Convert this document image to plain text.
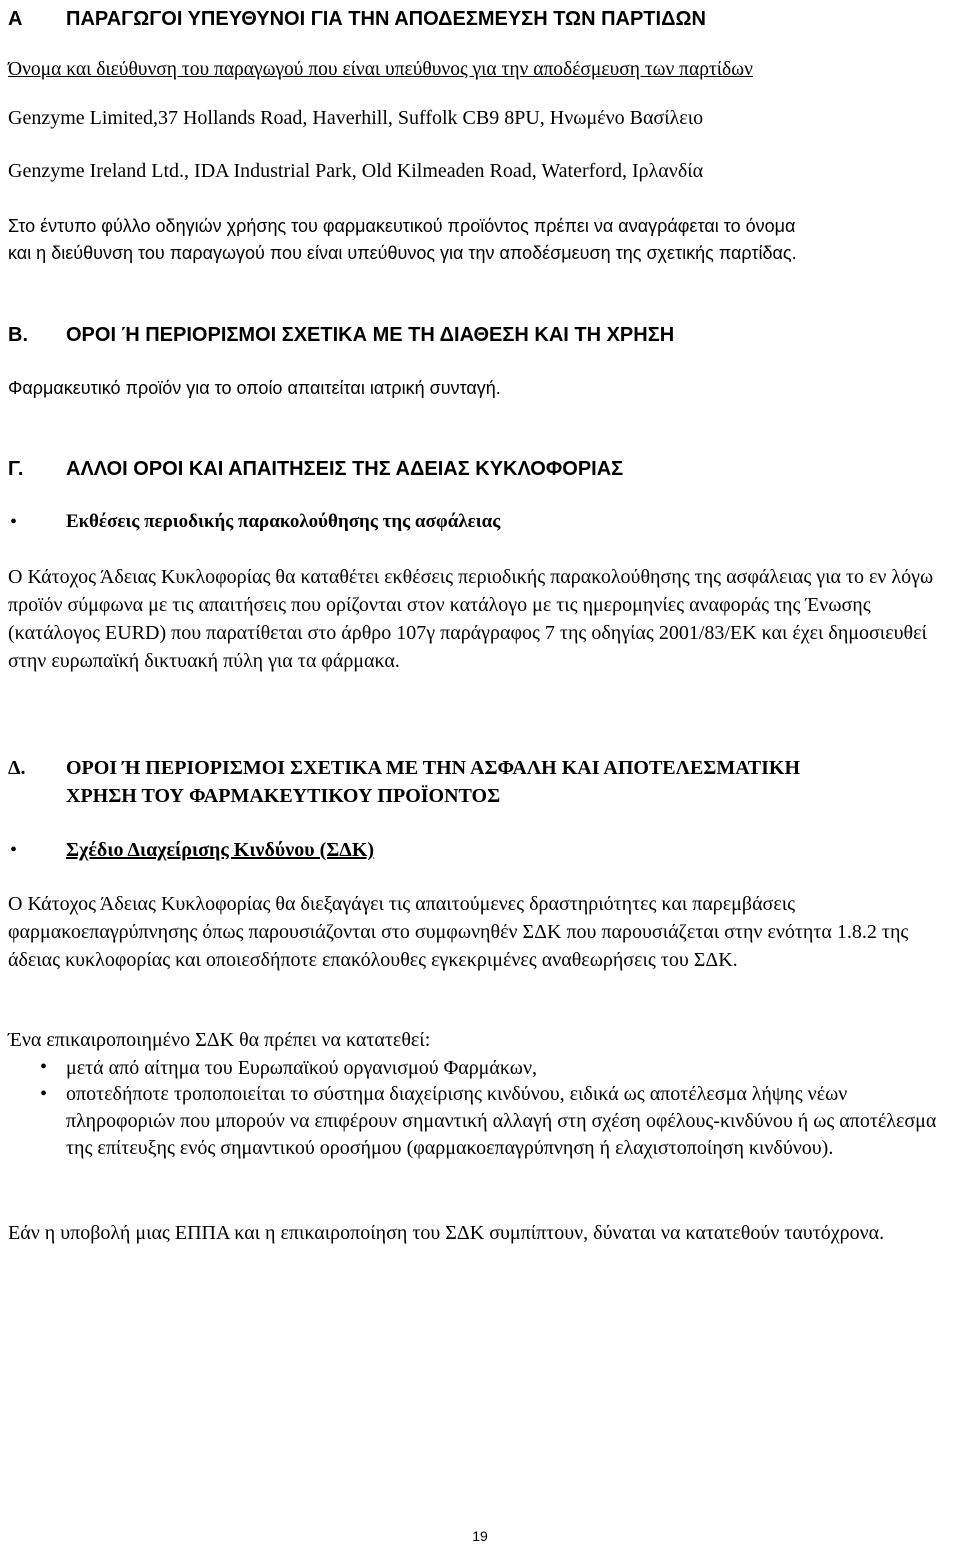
A ΠΑΡΑΓΩΓΟΙ ΥΠΕΥΘΥΝΟΙ ΓΙΑ ΤΗΝ ΑΠΟΔΕΣΜΕΥΣΗ ΤΩΝ ΠΑΡΤΙΔΩΝ
Όνομα και διεύθυνση του παραγωγού που είναι υπεύθυνος για την αποδέσμευση των παρτίδων
Genzyme Limited,37 Hollands Road, Haverhill, Suffolk CB9 8PU, Ηνωμένο Βασίλειο
Genzyme Ireland Ltd., IDA Industrial Park, Old Kilmeaden Road, Waterford, Ιρλανδία
Στο έντυπο φύλλο οδηγιών χρήσης του φαρμακευτικού προϊόντος πρέπει να αναγράφεται το όνομα
και η διεύθυνση του παραγωγού που είναι υπεύθυνος για την αποδέσμευση της σχετικής παρτίδας.
B. ΟΡΟΙ Ή ΠΕΡΙΟΡΙΣΜΟΙ ΣΧΕΤΙΚΑ ΜΕ ΤΗ ΔΙΑΘΕΣΗ ΚΑΙ ΤΗ ΧΡΗΣΗ
Φαρμακευτικό προϊόν για το οποίο απαιτείται ιατρική συνταγή.
Γ. ΑΛΛΟΙ ΟΡΟΙ ΚΑΙ ΑΠΑΙΤΗΣΕΙΣ ΤΗΣ ΑΔΕΙΑΣ ΚΥΚΛΟΦΟΡΙΑΣ
•	Εκθέσεις περιοδικής παρακολούθησης της ασφάλειας

Ο Κάτοχος Άδειας Κυκλοφορίας θα καταθέτει εκθέσεις περιοδικής παρακολούθησης της ασφάλειας για το εν λόγω προϊόν σύμφωνα με τις απαιτήσεις που ορίζονται στον κατάλογο με τις ημερομηνίες αναφοράς της Ένωσης (κατάλογος EURD) που παρατίθεται στο άρθρο 107γ παράγραφος 7 της οδηγίας 2001/83/ΕΚ και έχει δημοσιευθεί στην ευρωπαϊκή δικτυακή πύλη για τα φάρμακα.

Δ. ΟΡΟΙ Ή ΠΕΡΙΟΡΙΣΜΟΙ ΣΧΕΤΙΚΑ ΜΕ ΤΗΝ ΑΣΦΑΛΗ ΚΑΙ ΑΠΟΤΕΛΕΣΜΑΤΙΚΗ
ΧΡΗΣΗ ΤΟΥ ΦΑΡΜΑΚΕΥΤΙΚΟΥ ΠΡΟΪΟΝΤΟΣ
• Σχέδιο Διαχείρισης Κινδύνου (ΣΔΚ)

Ο Κάτοχος Άδειας Κυκλοφορίας θα διεξαγάγει τις απαιτούμενες δραστηριότητες και παρεμβάσεις φαρμακοεπαγρύπνησης όπως παρουσιάζονται στο συμφωνηθέν ΣΔΚ που παρουσιάζεται στην ενότητα 1.8.2 της άδειας κυκλοφορίας και οποιεσδήποτε επακόλουθες εγκεκριμένες αναθεωρήσεις του ΣΔΚ.

Ένα επικαιροποιημένο ΣΔΚ θα πρέπει να κατατεθεί:
• μετά από αίτημα του Ευρωπαϊκού οργανισμού Φαρμάκων,

• οποτεδήποτε τροποποιείται το σύστημα διαχείρισης κινδύνου, ειδικά ως αποτέλεσμα λήψης νέων πληροφοριών που μπορούν να επιφέρουν σημαντική αλλαγή στη σχέση οφέλους-κινδύνου ή ως αποτέλεσμα της επίτευξης ενός σημαντικού οροσήμου (φαρμακοεπαγρύπνηση ή ελαχιστοποίηση κινδύνου).

Εάν η υποβολή μιας ΕΠΠΑ και η επικαιροποίηση του ΣΔΚ συμπίπτουν, δύναται να κατατεθούν ταυτόχρονα.

19
